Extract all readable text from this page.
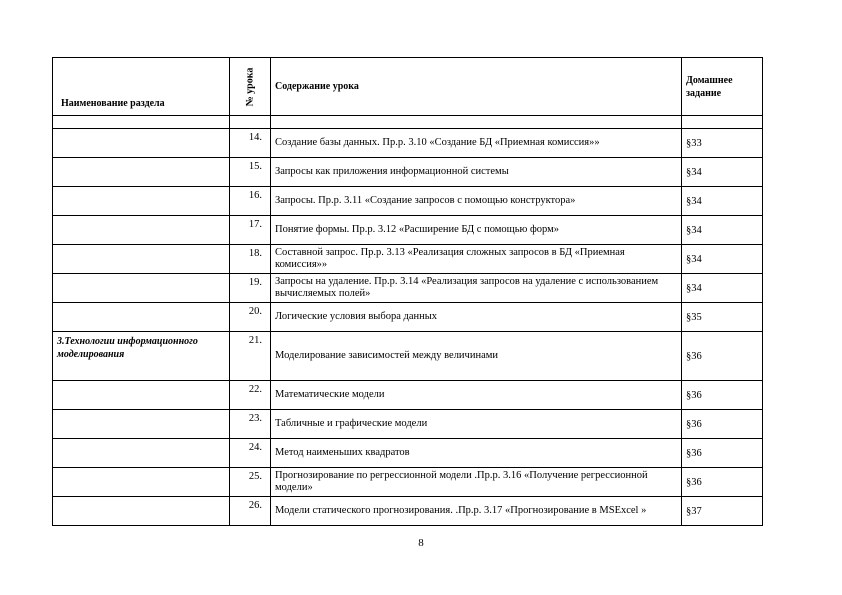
Наименование раздела	№ урока	Содержание урока	Домашнее задание

	14.	Создание базы данных. Пр.р. 3.10 «Создание БД «Приемная комиссия»»	§33

	15.	Запросы как приложения информационной системы	§34

	16.	Запросы. Пр.р. 3.11 «Создание запросов с помощью конструктора»	§34

	17.	Понятие формы. Пр.р. 3.12 «Расширение БД с помощью форм»	§34

	18.	Составной запрос. Пр.р. 3.13 «Реализация сложных запросов в БД «Приемная комиссия»»	§34

	19.	Запросы на удаление. Пр.р. 3.14 «Реализация запросов на удаление с использованием вычисляемых полей»	§34

	20.	Логические условия выбора данных	§35

3.Технологии информационного моделирования	21.	Моделирование зависимостей между величинами	§36

	22.	Математические модели	§36

	23.	Табличные и графические модели	§36

	24.	Метод наименьших квадратов	§36

	25.	Прогнозирование по регрессионной модели .Пр.р. 3.16 «Получение регрессионной модели»	§36

	26.	Модели статического прогнозирования. .Пр.р. 3.17 «Прогнозирование в MSExcel »	§37
8
